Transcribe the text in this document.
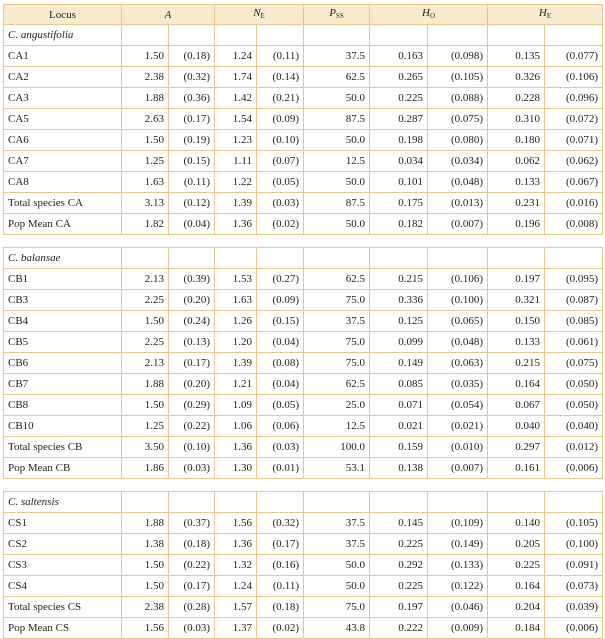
Locus	A		$N_E$		$P_{SS}$	$H_O$		$H_E$
C. angustifolia									
CA1	1.50	(0.18)	1.24	(0.11)	37.5	0.163	(0.098)	0.135	(0.077)
CA2	2.38	(0.32)	1.74	(0.14)	62.5	0.265	(0.105)	0.326	(0.106)
CA3	1.88	(0.36)	1.42	(0.21)	50.0	0.225	(0.088)	0.228	(0.096)
CA5	2.63	(0.17)	1.54	(0.09)	87.5	0.287	(0.075)	0.310	(0.072)
CA6	1.50	(0.19)	1.23	(0.10)	50.0	0.198	(0.080)	0.180	(0.071)
CA7	1.25	(0.15)	1.11	(0.07)	12.5	0.034	(0.034)	0.062	(0.062)
CA8	1.63	(0.11)	1.22	(0.05)	50.0	0.101	(0.048)	0.133	(0.067)
Total species CA	3.13	(0.12)	1.39	(0.03)	87.5	0.175	(0.013)	0.231	(0.016)
Pop Mean CA	1.82	(0.04)	1.36	(0.02)	50.0	0.182	(0.007)	0.196	(0.008)

C. balansae									
CB1	2.13	(0.39)	1.53	(0.27)	62.5	0.215	(0.106)	0.197	(0.095)
CB3	2.25	(0.20)	1.63	(0.09)	75.0	0.336	(0.100)	0.321	(0.087)
CB4	1.50	(0.24)	1.26	(0.15)	37.5	0.125	(0.065)	0.150	(0.085)
CB5	2.25	(0.13)	1.20	(0.04)	75.0	0.099	(0.048)	0.133	(0.061)
CB6	2.13	(0.17)	1.39	(0.08)	75.0	0.149	(0.063)	0.215	(0.075)
CB7	1.88	(0.20)	1.21	(0.04)	62.5	0.085	(0.035)	0.164	(0.050)
CB8	1.50	(0.29)	1.09	(0.05)	25.0	0.071	(0.054)	0.067	(0.050)
CB10	1.25	(0.22)	1.06	(0.06)	12.5	0.021	(0.021)	0.040	(0.040)
Total species CB	3.50	(0.10)	1.36	(0.03)	100.0	0.159	(0.010)	0.297	(0.012)
Pop Mean CB	1.86	(0.03)	1.30	(0.01)	53.1	0.138	(0.007)	0.161	(0.006)

C. saltensis									
CS1	1.88	(0.37)	1.56	(0.32)	37.5	0.145	(0.109)	0.140	(0.105)
CS2	1.38	(0.18)	1.36	(0.17)	37.5	0.225	(0.149)	0.205	(0.100)
CS3	1.50	(0.22)	1.32	(0.16)	50.0	0.292	(0.133)	0.225	(0.091)
CS4	1.50	(0.17)	1.24	(0.11)	50.0	0.225	(0.122)	0.164	(0.073)
Total species CS	2.38	(0.28)	1.57	(0.18)	75.0	0.197	(0.046)	0.204	(0.039)
Pop Mean CS	1.56	(0.03)	1.37	(0.02)	43.8	0.222	(0.009)	0.184	(0.006)
